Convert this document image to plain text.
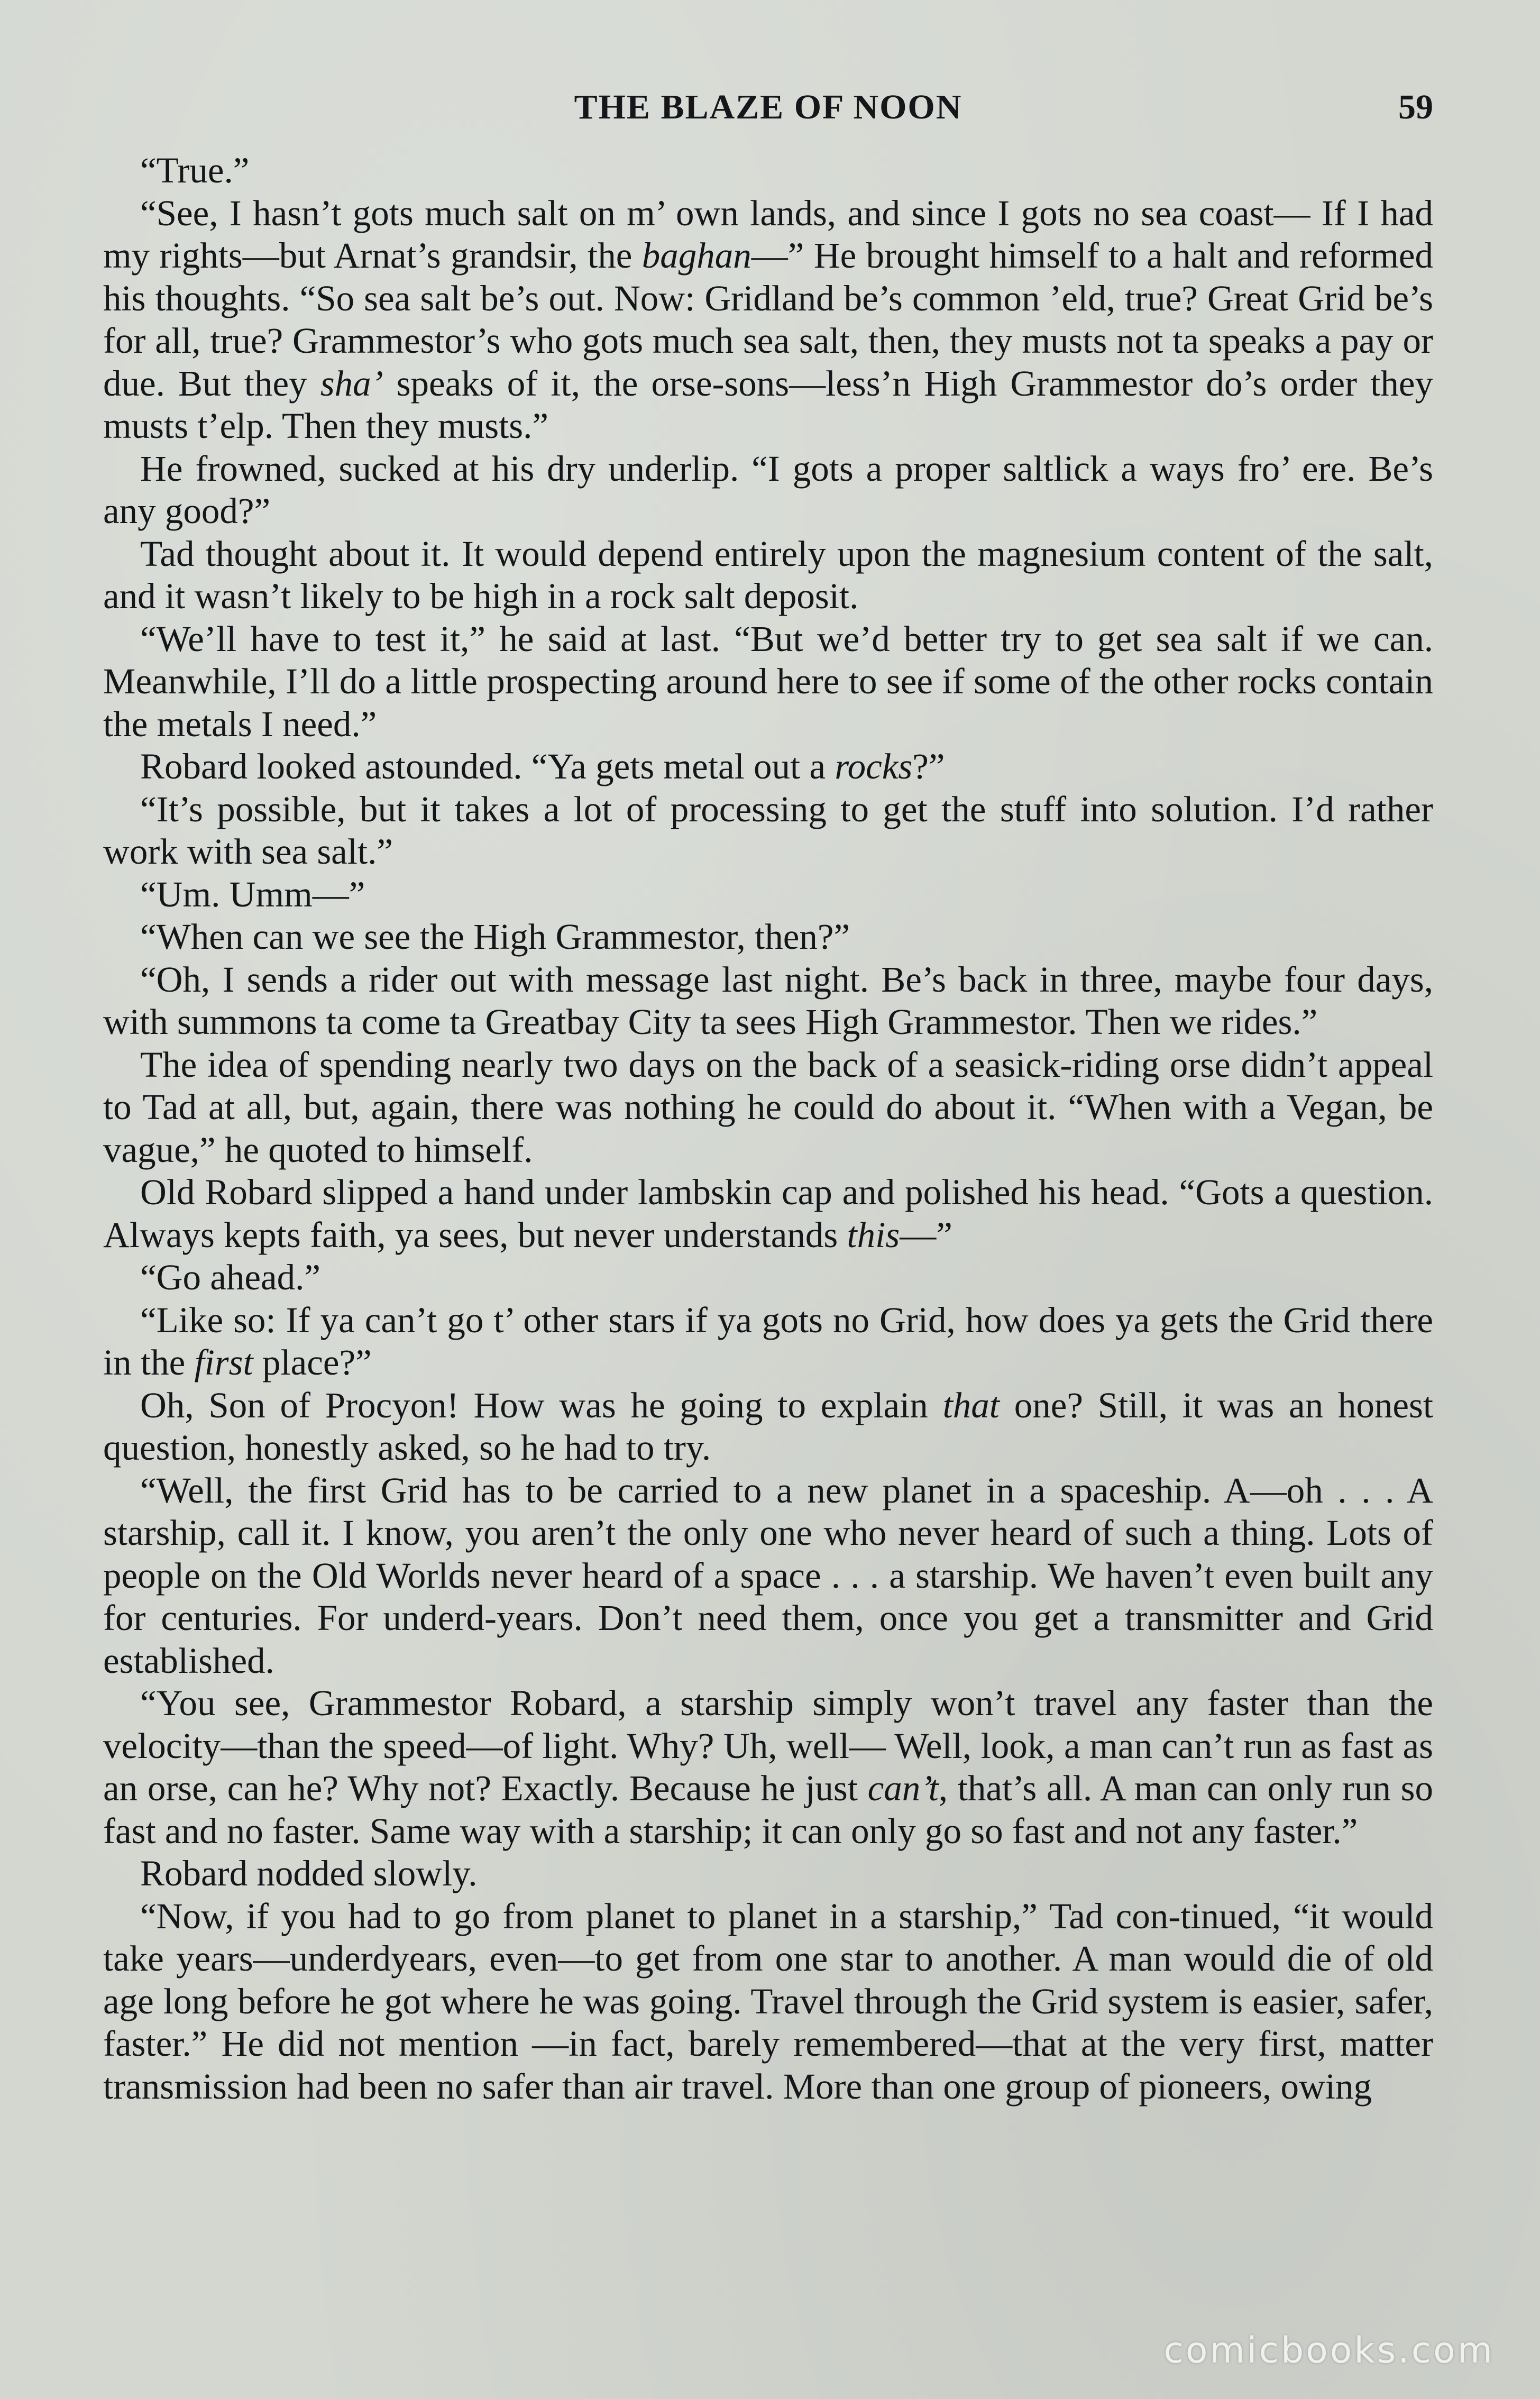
THE BLAZE OF NOON	59

“True.”

“See, I hasn’t gots much salt on m’ own lands, and since I gots no sea coast— If I had my rights—but Arnat’s grandsir, the baghan—” He brought himself to a halt and reformed his thoughts. “So sea salt be’s out. Now: Gridland be’s common ’eld, true? Great Grid be’s for all, true? Grammestor’s who gots much sea salt, then, they musts not ta speaks a pay or due. But they sha’ speaks of it, the orse-sons—less’n High Grammestor do’s order they musts t’elp. Then they musts.”

He frowned, sucked at his dry underlip. “I gots a proper saltlick a ways fro’ ere. Be’s any good?”

Tad thought about it. It would depend entirely upon the magnesium content of the salt, and it wasn’t likely to be high in a rock salt deposit.

“We’ll have to test it,” he said at last. “But we’d better try to get sea salt if we can. Meanwhile, I’ll do a little prospecting around here to see if some of the other rocks contain the metals I need.”

Robard looked astounded. “Ya gets metal out a rocks?”

“It’s possible, but it takes a lot of processing to get the stuff into solution. I’d rather work with sea salt.”

“Um. Umm—”

“When can we see the High Grammestor, then?”

“Oh, I sends a rider out with message last night. Be’s back in three, maybe four days, with summons ta come ta Greatbay City ta sees High Grammestor. Then we rides.”

The idea of spending nearly two days on the back of a seasick-riding orse didn’t appeal to Tad at all, but, again, there was nothing he could do about it. “When with a Vegan, be vague,” he quoted to himself.

Old Robard slipped a hand under lambskin cap and polished his head. “Gots a question. Always kepts faith, ya sees, but never understands this—”

“Go ahead.”

“Like so: If ya can’t go t’ other stars if ya gots no Grid, how does ya gets the Grid there in the first place?”

Oh, Son of Procyon! How was he going to explain that one? Still, it was an honest question, honestly asked, so he had to try.

“Well, the first Grid has to be carried to a new planet in a spaceship. A—oh . . . A starship, call it. I know, you aren’t the only one who never heard of such a thing. Lots of people on the Old Worlds never heard of a space . . . a starship. We haven’t even built any for centuries. For underd-years. Don’t need them, once you get a transmitter and Grid established.

“You see, Grammestor Robard, a starship simply won’t travel any faster than the velocity—than the speed—of light. Why? Uh, well— Well, look, a man can’t run as fast as an orse, can he? Why not? Exactly. Because he just can’t, that’s all. A man can only run so fast and no faster. Same way with a starship; it can only go so fast and not any faster.”

Robard nodded slowly.

“Now, if you had to go from planet to planet in a starship,” Tad con-tinued, “it would take years—underdyears, even—to get from one star to another. A man would die of old age long before he got where he was going. Travel through the Grid system is easier, safer, faster.” He did not mention —in fact, barely remembered—that at the very first, matter transmission had been no safer than air travel. More than one group of pioneers, owing

comicbooks.com
